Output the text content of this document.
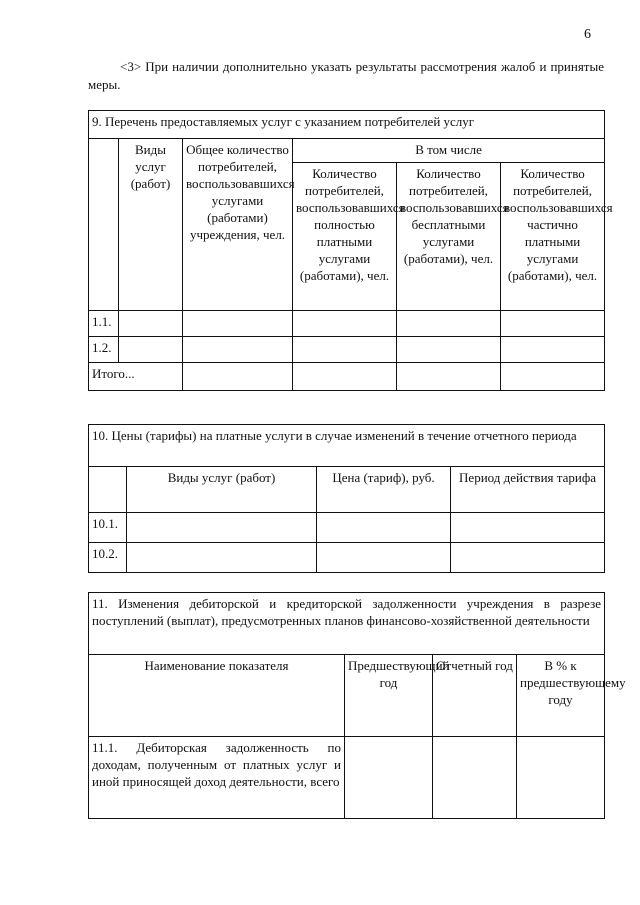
6
<3> При наличии дополнительно указать результаты рассмотрения жалоб и принятые меры.
9. Перечень предоставляемых услуг с указанием потребителей услуг					
	Виды услуг (работ)	Общее количество потребителей, воспользовавшихся услугами (работами) учреждения, чел.	В том числе		
			Количество потребителей, воспользовавшихся полностью платными услугами (работами), чел.	Количество потребителей, воспользовавшихся бесплатными услугами (работами), чел.	Количество потребителей, воспользовавшихся частично платными услугами (работами), чел.
1.1.					
1.2.					
Итого...					
10. Цены (тарифы) на платные услуги в случае изменений в течение отчетного периода			
	Виды услуг (работ)	Цена (тариф), руб.	Период действия тарифа
10.1.			
10.2.			
11. Изменения дебиторской и кредиторской задолженности учреждения в разрезе поступлений (выплат), предусмотренных планов финансово-хозяйственной деятельности			
Наименование показателя	Предшествующий год	Отчетный год	В % к предшествующему году
11.1. Дебиторская задолженность по доходам, полученным от платных услуг и иной приносящей доход деятельности, всего			
